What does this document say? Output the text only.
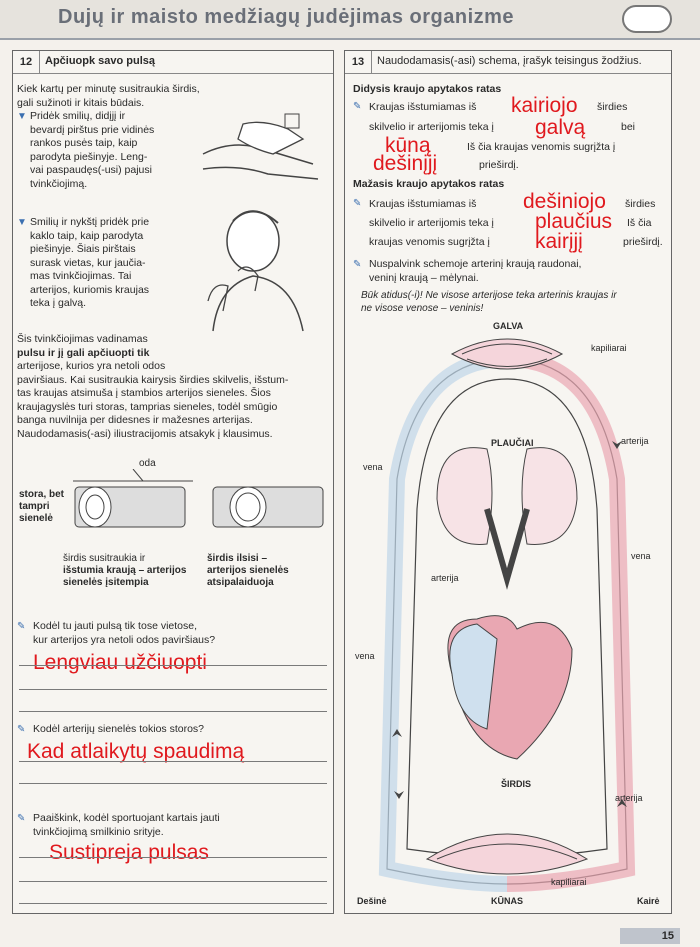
Dujų ir maisto medžiagų judėjimas organizme
12	Apčiuopk savo pulsą
Kiek kartų per minutę susitraukia širdis,
gali sužinoti ir kitais būdais.
▼ Pridėk smilių, didįjį ir
bevardį pirštus prie vidinės
rankos pusės taip, kaip
parodyta piešinyje. Leng-
vai paspaudęs(-usi) pajusi
tvinkčiojimą.
▼ Smilių ir nykštį pridėk prie
kaklo taip, kaip parodyta
piešinyje. Šiais pirštais
surask vietas, kur jaučia-
mas tvinkčiojimas. Tai
arterijos, kuriomis kraujas
teka į galvą.
Šis tvinkčiojimas vadinamas
pulsu ir jį gali apčiuopti tik
arterijose, kurios yra netoli odos
paviršiaus. Kai susitraukia kairysis širdies skilvelis, išstum-
tas kraujas atsimuša į stambios arterijos sieneles. Šios
kraujagyslės turi storas, tamprias sieneles, todėl smūgio
banga nuvilnija per didesnes ir mažesnes arterijas.
Naudodamasis(-asi) iliustracijomis atsakyk į klausimus.
oda
stora, bet
tampri
sienelė
širdis susitraukia ir
išstumia kraują – arterijos
sienelės įsitempia
širdis ilsisi –
arterijos sienelės
atsipalaiduoja
✎ Kodėl tu jauti pulsą tik tose vietose,
kur arterijos yra netoli odos paviršiaus?
Lengviau užčiuopti
✎ Kodėl arterijų sienelės tokios storos?
Kad atlaikytų spaudimą
✎ Paaiškink, kodėl sportuojant kartais jauti
tvinkčiojimą smilkinio srityje.
Sustipreja pulsas
13	Naudodamasis(-asi) schema, įrašyk teisingus žodžius.
Didysis kraujo apytakos ratas
✎ Kraujas išstumiamas iš	širdies
skilvelio ir arterijomis teka į	bei
Iš čia kraujas venomis sugrįžta į
prieširdį.
kairiojo
galvą
kūną
dešinįjį
Mažasis kraujo apytakos ratas
✎ Kraujas išstumiamas iš	širdies
skilvelio ir arterijomis teka į	Iš čia
kraujas venomis sugrįžta į	prieširdį.
dešiniojo
plaučius
kairįjį
✎ Nuspalvink schemoje arterinį kraują raudonai,
veninį kraują – mėlynai.
Būk atidus(-i)! Ne visose arterijose teka arterinis kraujas ir
ne visose venose – veninis!
GALVA
kapiliarai
PLAUČIAI	arterija
vena
vena
arterija
vena
ŠIRDIS
arterija
kapiliarai
Dešinė	KŪNAS	Kairė
15
